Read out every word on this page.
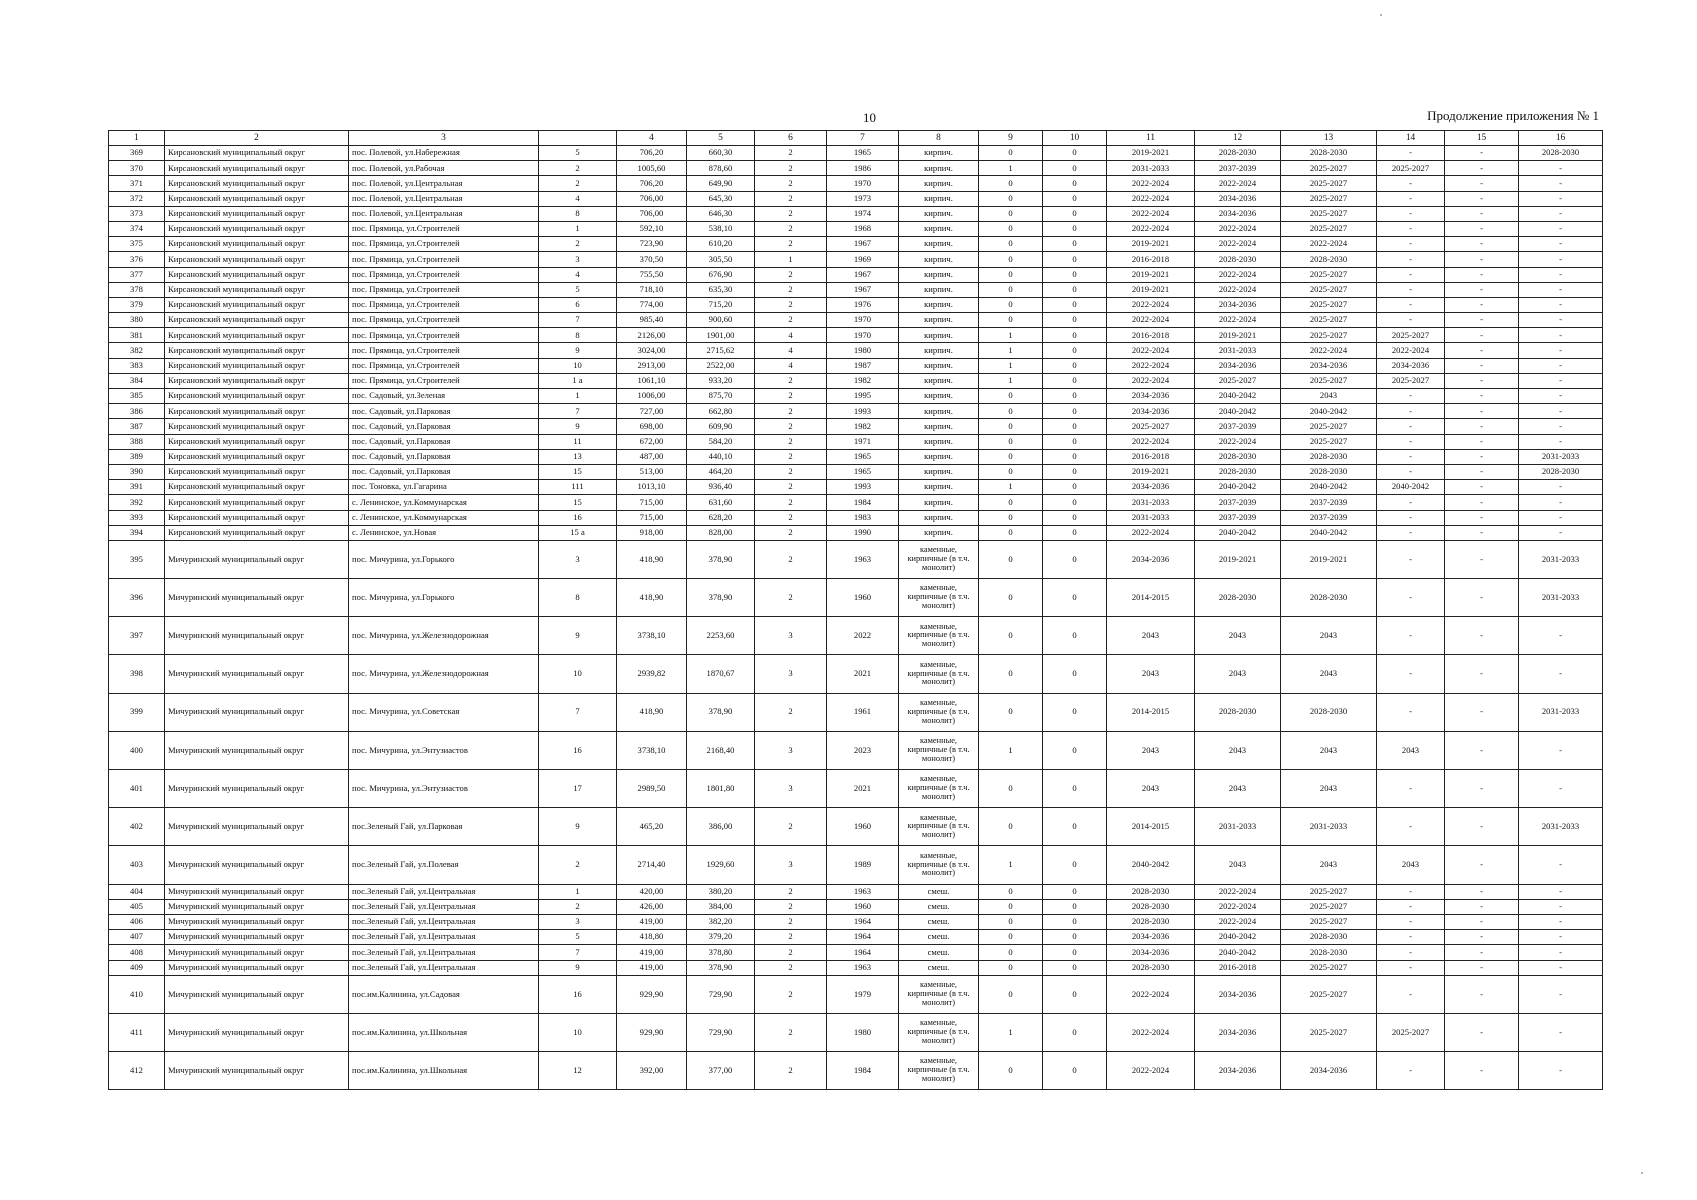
10	Продолжение приложения № 1
1	2	3		4	5	6	7	8	9	10	11	12	13	14	15	16
369	Кирсановский муниципальный округ	пос. Полевой, ул.Набережная	5	706,20	660,30	2	1965	кирпич.	0	0	2019-2021	2028-2030	2028-2030	-	-	2028-2030
370	Кирсановский муниципальный округ	пос. Полевой, ул.Рабочая	2	1005,60	878,60	2	1986	кирпич.	1	0	2031-2033	2037-2039	2025-2027	2025-2027	-	-
371	Кирсановский муниципальный округ	пос. Полевой, ул.Центральная	2	706,20	649,90	2	1970	кирпич.	0	0	2022-2024	2022-2024	2025-2027	-	-	-
372	Кирсановский муниципальный округ	пос. Полевой, ул.Центральная	4	706,00	645,30	2	1973	кирпич.	0	0	2022-2024	2034-2036	2025-2027	-	-	-
373	Кирсановский муниципальный округ	пос. Полевой, ул.Центральная	8	706,00	646,30	2	1974	кирпич.	0	0	2022-2024	2034-2036	2025-2027	-	-	-
374	Кирсановский муниципальный округ	пос. Прямица, ул.Строителей	1	592,10	538,10	2	1968	кирпич.	0	0	2022-2024	2022-2024	2025-2027	-	-	-
375	Кирсановский муниципальный округ	пос. Прямица, ул.Строителей	2	723,90	610,20	2	1967	кирпич.	0	0	2019-2021	2022-2024	2022-2024	-	-	-
376	Кирсановский муниципальный округ	пос. Прямица, ул.Строителей	3	370,50	305,50	1	1969	кирпич.	0	0	2016-2018	2028-2030	2028-2030	-	-	-
377	Кирсановский муниципальный округ	пос. Прямица, ул.Строителей	4	755,50	676,90	2	1967	кирпич.	0	0	2019-2021	2022-2024	2025-2027	-	-	-
378	Кирсановский муниципальный округ	пос. Прямица, ул.Строителей	5	718,10	635,30	2	1967	кирпич.	0	0	2019-2021	2022-2024	2025-2027	-	-	-
379	Кирсановский муниципальный округ	пос. Прямица, ул.Строителей	6	774,00	715,20	2	1976	кирпич.	0	0	2022-2024	2034-2036	2025-2027	-	-	-
380	Кирсановский муниципальный округ	пос. Прямица, ул.Строителей	7	985,40	900,60	2	1970	кирпич.	0	0	2022-2024	2022-2024	2025-2027	-	-	-
381	Кирсановский муниципальный округ	пос. Прямица, ул.Строителей	8	2126,00	1901,00	4	1970	кирпич.	1	0	2016-2018	2019-2021	2025-2027	2025-2027	-	-
382	Кирсановский муниципальный округ	пос. Прямица, ул.Строителей	9	3024,00	2715,62	4	1980	кирпич.	1	0	2022-2024	2031-2033	2022-2024	2022-2024	-	-
383	Кирсановский муниципальный округ	пос. Прямица, ул.Строителей	10	2913,00	2522,00	4	1987	кирпич.	1	0	2022-2024	2034-2036	2034-2036	2034-2036	-	-
384	Кирсановский муниципальный округ	пос. Прямица, ул.Строителей	1 а	1061,10	933,20	2	1982	кирпич.	1	0	2022-2024	2025-2027	2025-2027	2025-2027	-	-
385	Кирсановский муниципальный округ	пос. Садовый, ул.Зеленая	1	1006,00	875,70	2	1995	кирпич.	0	0	2034-2036	2040-2042	2043	-	-	-
386	Кирсановский муниципальный округ	пос. Садовый, ул.Парковая	7	727,00	662,80	2	1993	кирпич.	0	0	2034-2036	2040-2042	2040-2042	-	-	-
387	Кирсановский муниципальный округ	пос. Садовый, ул.Парковая	9	698,00	609,90	2	1982	кирпич.	0	0	2025-2027	2037-2039	2025-2027	-	-	-
388	Кирсановский муниципальный округ	пос. Садовый, ул.Парковая	11	672,00	584,20	2	1971	кирпич.	0	0	2022-2024	2022-2024	2025-2027	-	-	-
389	Кирсановский муниципальный округ	пос. Садовый, ул.Парковая	13	487,00	440,10	2	1965	кирпич.	0	0	2016-2018	2028-2030	2028-2030	-	-	2031-2033
390	Кирсановский муниципальный округ	пос. Садовый, ул.Парковая	15	513,00	464,20	2	1965	кирпич.	0	0	2019-2021	2028-2030	2028-2030	-	-	2028-2030
391	Кирсановский муниципальный округ	пос. Тоновка, ул.Гагарина	111	1013,10	936,40	2	1993	кирпич.	1	0	2034-2036	2040-2042	2040-2042	2040-2042	-	-
392	Кирсановский муниципальный округ	с. Ленинское, ул.Коммунарская	15	715,00	631,60	2	1984	кирпич.	0	0	2031-2033	2037-2039	2037-2039	-	-	-
393	Кирсановский муниципальный округ	с. Ленинское, ул.Коммунарская	16	715,00	628,20	2	1983	кирпич.	0	0	2031-2033	2037-2039	2037-2039	-	-	-
394	Кирсановский муниципальный округ	с. Ленинское, ул.Новая	15 а	918,00	828,00	2	1990	кирпич.	0	0	2022-2024	2040-2042	2040-2042	-	-	-
395	Мичуринский муниципальный округ	пос. Мичурина, ул.Горького	3	418,90	378,90	2	1963	каменные, кирпичные (в т.ч. монолит)	0	0	2034-2036	2019-2021	2019-2021	-	-	2031-2033
396	Мичуринский муниципальный округ	пос. Мичурина, ул.Горького	8	418,90	378,90	2	1960	каменные, кирпичные (в т.ч. монолит)	0	0	2014-2015	2028-2030	2028-2030	-	-	2031-2033
397	Мичуринский муниципальный округ	пос. Мичурина, ул.Железнодорожная	9	3738,10	2253,60	3	2022	каменные, кирпичные (в т.ч. монолит)	0	0	2043	2043	2043	-	-	-
398	Мичуринский муниципальный округ	пос. Мичурина, ул.Железнодорожная	10	2939,82	1870,67	3	2021	каменные, кирпичные (в т.ч. монолит)	0	0	2043	2043	2043	-	-	-
399	Мичуринский муниципальный округ	пос. Мичурина, ул.Советская	7	418,90	378,90	2	1961	каменные, кирпичные (в т.ч. монолит)	0	0	2014-2015	2028-2030	2028-2030	-	-	2031-2033
400	Мичуринский муниципальный округ	пос. Мичурина, ул.Энтузиастов	16	3738,10	2168,40	3	2023	каменные, кирпичные (в т.ч. монолит)	1	0	2043	2043	2043	2043	-	-
401	Мичуринский муниципальный округ	пос. Мичурина, ул.Энтузиастов	17	2989,50	1801,80	3	2021	каменные, кирпичные (в т.ч. монолит)	0	0	2043	2043	2043	-	-	-
402	Мичуринский муниципальный округ	пос.Зеленый Гай, ул.Парковая	9	465,20	386,00	2	1960	каменные, кирпичные (в т.ч. монолит)	0	0	2014-2015	2031-2033	2031-2033	-	-	2031-2033
403	Мичуринский муниципальный округ	пос.Зеленый Гай, ул.Полевая	2	2714,40	1929,60	3	1989	каменные, кирпичные (в т.ч. монолит)	1	0	2040-2042	2043	2043	2043	-	-
404	Мичуринский муниципальный округ	пос.Зеленый Гай, ул.Центральная	1	420,00	380,20	2	1963	смеш.	0	0	2028-2030	2022-2024	2025-2027	-	-	-
405	Мичуринский муниципальный округ	пос.Зеленый Гай, ул.Центральная	2	426,00	384,00	2	1960	смеш.	0	0	2028-2030	2022-2024	2025-2027	-	-	-
406	Мичуринский муниципальный округ	пос.Зеленый Гай, ул.Центральная	3	419,00	382,20	2	1964	смеш.	0	0	2028-2030	2022-2024	2025-2027	-	-	-
407	Мичуринский муниципальный округ	пос.Зеленый Гай, ул.Центральная	5	418,80	379,20	2	1964	смеш.	0	0	2034-2036	2040-2042	2028-2030	-	-	-
408	Мичуринский муниципальный округ	пос.Зеленый Гай, ул.Центральная	7	419,00	378,80	2	1964	смеш.	0	0	2034-2036	2040-2042	2028-2030	-	-	-
409	Мичуринский муниципальный округ	пос.Зеленый Гай, ул.Центральная	9	419,00	378,90	2	1963	смеш.	0	0	2028-2030	2016-2018	2025-2027	-	-	-
410	Мичуринский муниципальный округ	пос.им.Калинина, ул.Садовая	16	929,90	729,90	2	1979	каменные, кирпичные (в т.ч. монолит)	0	0	2022-2024	2034-2036	2025-2027	-	-	-
411	Мичуринский муниципальный округ	пос.им.Калинина, ул.Школьная	10	929,90	729,90	2	1980	каменные, кирпичные (в т.ч. монолит)	1	0	2022-2024	2034-2036	2025-2027	2025-2027	-	-
412	Мичуринский муниципальный округ	пос.им.Калинина, ул.Школьная	12	392,00	377,00	2	1984	каменные, кирпичные (в т.ч. монолит)	0	0	2022-2024	2034-2036	2034-2036	-	-	-
